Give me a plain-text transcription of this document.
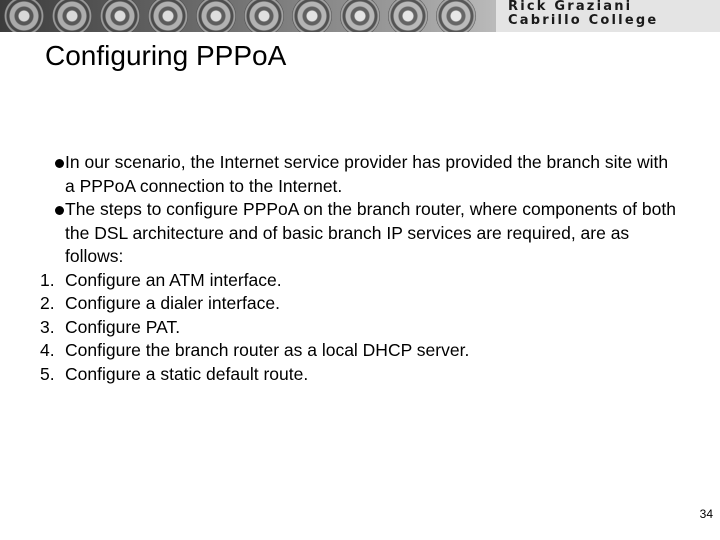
Rick Graziani
Cabrillo College
Configuring PPPoA
In our scenario, the Internet service provider has provided the branch site with a PPPoA connection to the Internet.
The steps to configure PPPoA on the branch router, where components of both the DSL architecture and of basic branch IP services are required, are as follows:
1. Configure an ATM interface.
2. Configure a dialer interface.
3. Configure PAT.
4. Configure the branch router as a local DHCP server.
5. Configure a static default route.
34
